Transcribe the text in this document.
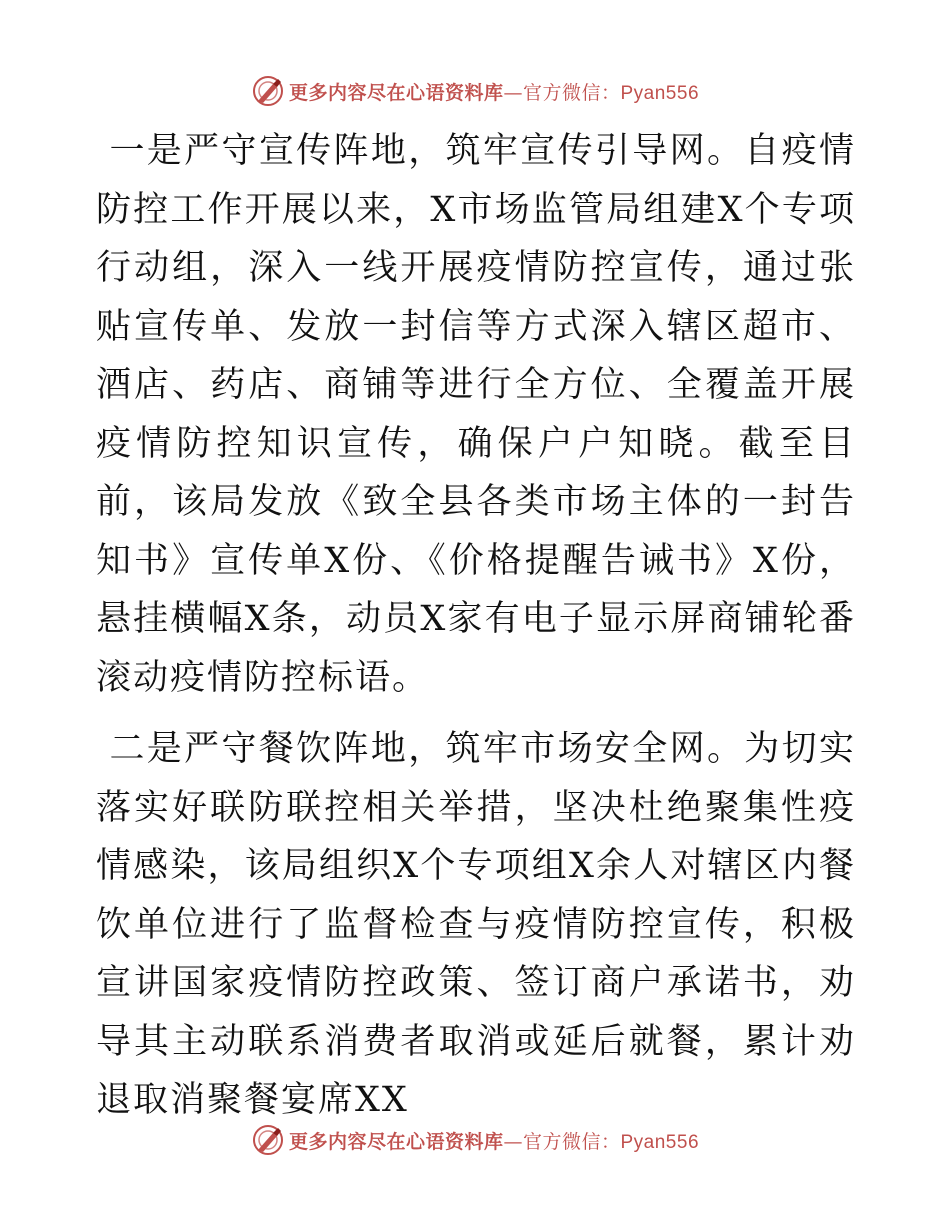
更多内容尽在心语资料库—官方微信：Pyan556

一是严守宣传阵地，筑牢宣传引导网。自疫情防控工作开展以来，X市场监管局组建X个专项行动组，深入一线开展疫情防控宣传，通过张贴宣传单、发放一封信等方式深入辖区超市、酒店、药店、商铺等进行全方位、全覆盖开展疫情防控知识宣传，确保户户知晓。截至目前，该局发放《致全县各类市场主体的一封告知书》宣传单X份、《价格提醒告诫书》X份，悬挂横幅X条，动员X家有电子显示屏商铺轮番滚动疫情防控标语。

二是严守餐饮阵地，筑牢市场安全网。为切实落实好联防联控相关举措，坚决杜绝聚集性疫情感染，该局组织X个专项组X余人对辖区内餐饮单位进行了监督检查与疫情防控宣传，积极宣讲国家疫情防控政策、签订商户承诺书，劝导其主动联系消费者取消或延后就餐，累计劝退取消聚餐宴席XX

更多内容尽在心语资料库—官方微信：Pyan556
